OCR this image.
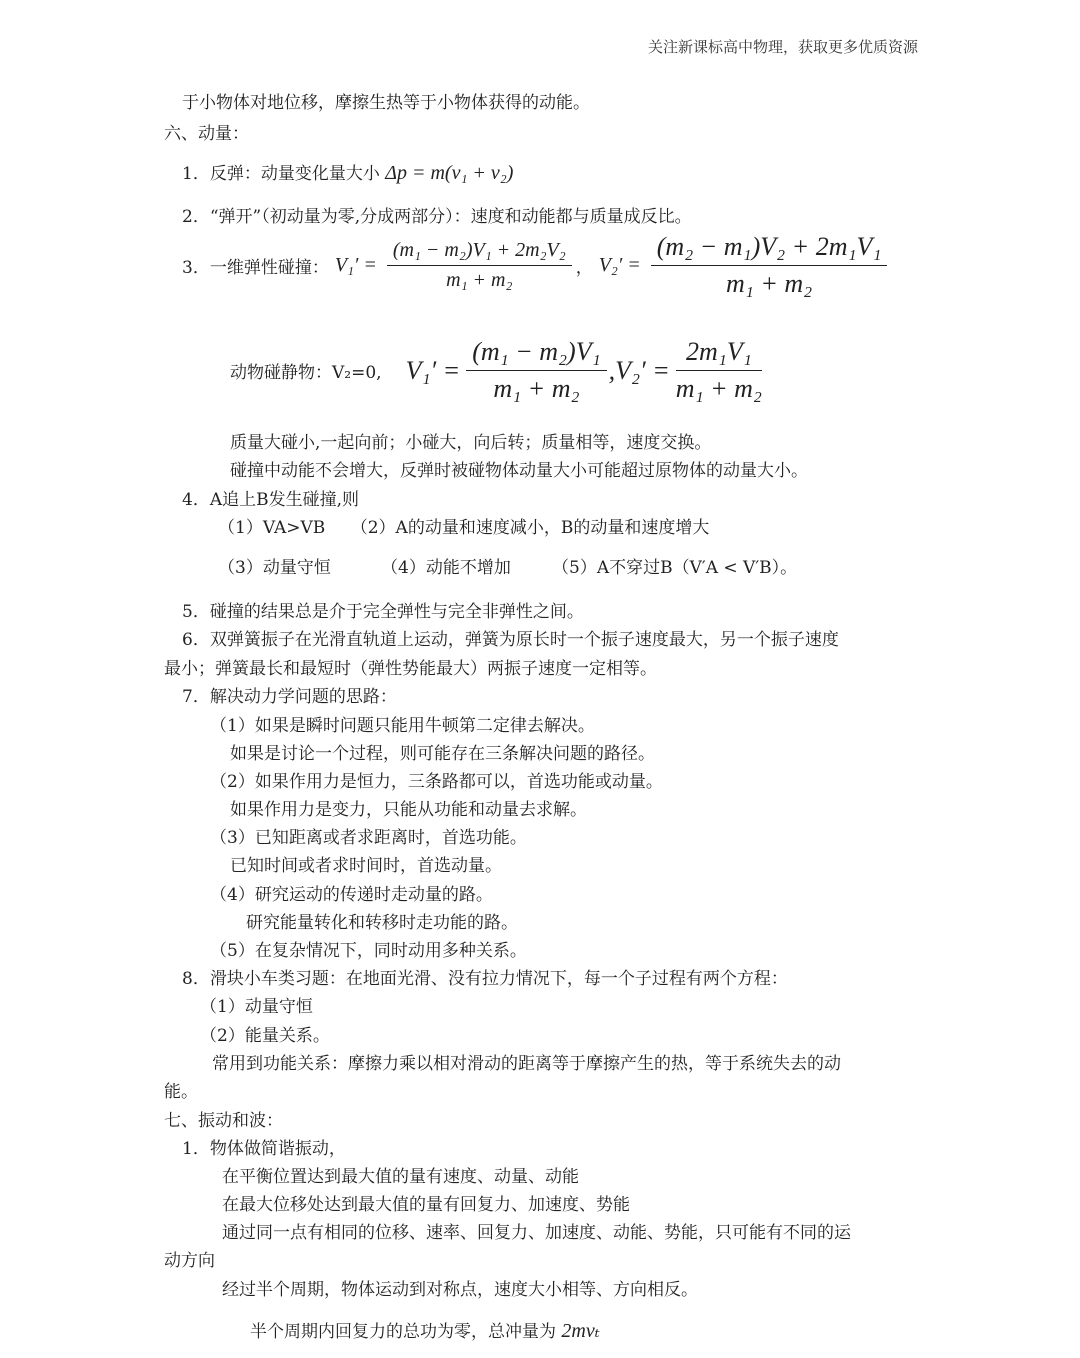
关注新课标高中物理，获取更多优质资源
于小物体对地位移，摩擦生热等于小物体获得的动能。
六、动量：
1．反弹：动量变化量大小 Δp = m(v₁ + v₂)
2．“弹开”（初动量为零,分成两部分）：速度和动能都与质量成反比。
3．一维弹性碰撞： $V_1' = \frac{\text{(m₁ − m₂)V₁ + 2m₂V₂}}{\text{m₁ + m₂}}$ ， $V_2' = \frac{\text{(m₂ − m₁)V₂ + 2m₁V₁}}{\text{m₁ + m₂}}$
动物碰静物：V₂=0, $V_1' = \frac{\text{(m₁ − m₂)V₁}}{\text{m₁ + m₂}} ,V_2' = \frac{\text{2m₁V₁}}{\text{m₁ + m₂}}$
质量大碰小,一起向前；小碰大，向后转；质量相等，速度交换。
碰撞中动能不会增大，反弹时被碰物体动量大小可能超过原物体的动量大小。
4．A追上B发生碰撞,则
（1）VA>VB　　（2）A的动量和速度减小，B的动量和速度增大
（3）动量守恒	（4）动能不增加 （5）A不穿过B（V′A < V′B）。
5．碰撞的结果总是介于完全弹性与完全非弹性之间。
6．双弹簧振子在光滑直轨道上运动，弹簧为原长时一个振子速度最大，另一个振子速度
最小；弹簧最长和最短时（弹性势能最大）两振子速度一定相等。
7．解决动力学问题的思路：
（1）如果是瞬时问题只能用牛顿第二定律去解决。
如果是讨论一个过程，则可能存在三条解决问题的路径。
（2）如果作用力是恒力，三条路都可以，首选功能或动量。
如果作用力是变力，只能从功能和动量去求解。
（3）已知距离或者求距离时，首选功能。
已知时间或者求时间时，首选动量。
（4）研究运动的传递时走动量的路。
研究能量转化和转移时走功能的路。
（5）在复杂情况下，同时动用多种关系。
8．滑块小车类习题：在地面光滑、没有拉力情况下，每一个子过程有两个方程：
（1）动量守恒
（2）能量关系。
常用到功能关系：摩擦力乘以相对滑动的距离等于摩擦产生的热，等于系统失去的动
能。
七、振动和波：
1．物体做简谐振动，
在平衡位置达到最大值的量有速度、动量、动能
在最大位移处达到最大值的量有回复力、加速度、势能
通过同一点有相同的位移、速率、回复力、加速度、动能、势能，只可能有不同的运
动方向
经过半个周期，物体运动到对称点，速度大小相等、方向相反。
半个周期内回复力的总功为零，总冲量为 2mvₜ
